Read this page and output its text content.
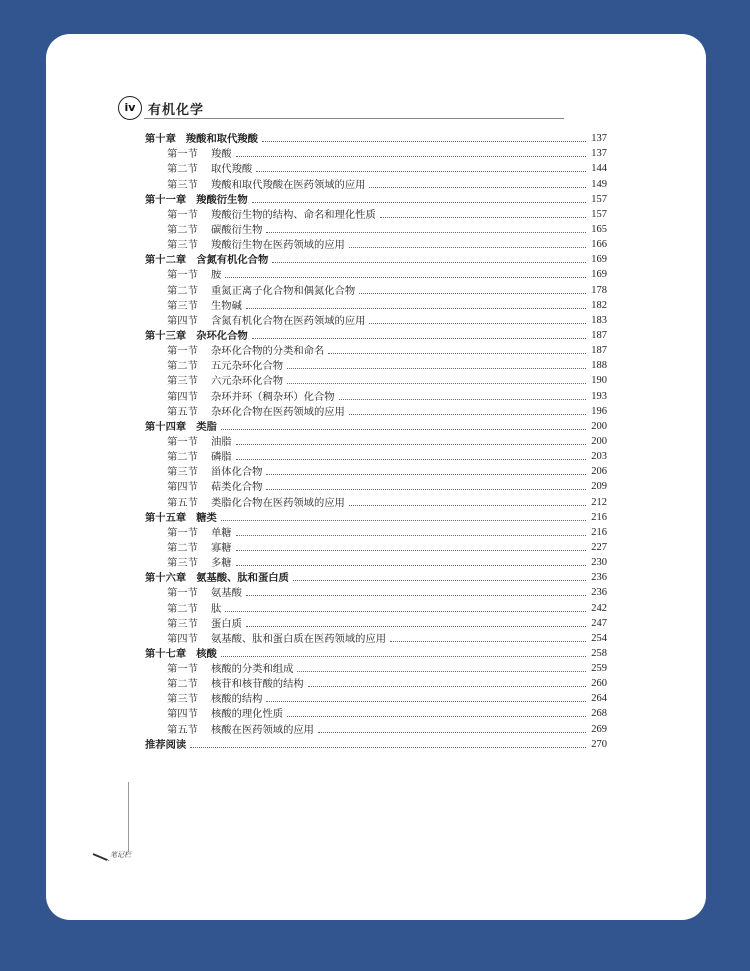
iv 有机化学
第十章 羧酸和取代羧酸	137
第一节	羧酸	137
第二节	取代羧酸	144
第三节	羧酸和取代羧酸在医药领域的应用	149
第十一章 羧酸衍生物	157
第一节	羧酸衍生物的结构、命名和理化性质	157
第二节	碳酸衍生物	165
第三节	羧酸衍生物在医药领域的应用	166
第十二章 含氮有机化合物	169
第一节	胺	169
第二节	重氮正离子化合物和偶氮化合物	178
第三节	生物碱	182
第四节	含氮有机化合物在医药领域的应用	183
第十三章 杂环化合物	187
第一节	杂环化合物的分类和命名	187
第二节	五元杂环化合物	188
第三节	六元杂环化合物	190
第四节	杂环并环（稠杂环）化合物	193
第五节	杂环化合物在医药领域的应用	196
第十四章 类脂	200
第一节	油脂	200
第二节	磷脂	203
第三节	甾体化合物	206
第四节	萜类化合物	209
第五节	类脂化合物在医药领域的应用	212
第十五章 糖类	216
第一节	单糖	216
第二节	寡糖	227
第三节	多糖	230
第十六章 氨基酸、肽和蛋白质	236
第一节	氨基酸	236
第二节	肽	242
第三节	蛋白质	247
第四节	氨基酸、肽和蛋白质在医药领域的应用	254
第十七章 核酸	258
第一节	核酸的分类和组成	259
第二节	核苷和核苷酸的结构	260
第三节	核酸的结构	264
第四节	核酸的理化性质	268
第五节	核酸在医药领域的应用	269
推荐阅读	270
笔记栏
